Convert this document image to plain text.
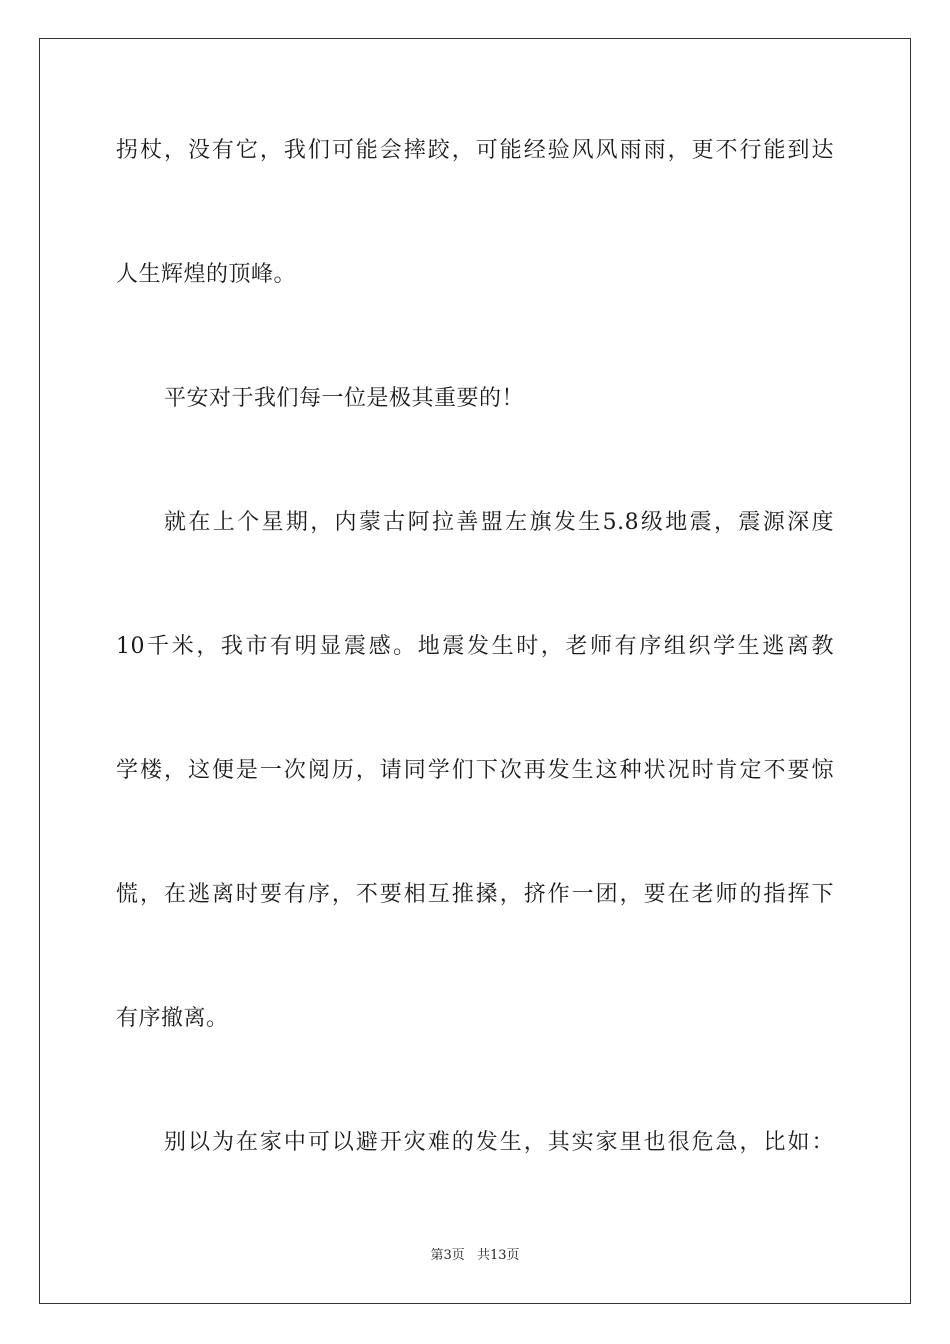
拐杖，没有它，我们可能会摔跤，可能经验风风雨雨，更不行能到达
人生辉煌的顶峰。
平安对于我们每一位是极其重要的！
就在上个星期，内蒙古阿拉善盟左旗发生5.8级地震，震源深度
10千米，我市有明显震感。地震发生时，老师有序组织学生逃离教
学楼，这便是一次阅历，请同学们下次再发生这种状况时肯定不要惊
慌，在逃离时要有序，不要相互推搡，挤作一团，要在老师的指挥下
有序撤离。
别以为在家中可以避开灾难的发生，其实家里也很危急，比如：
第3页 共13页
